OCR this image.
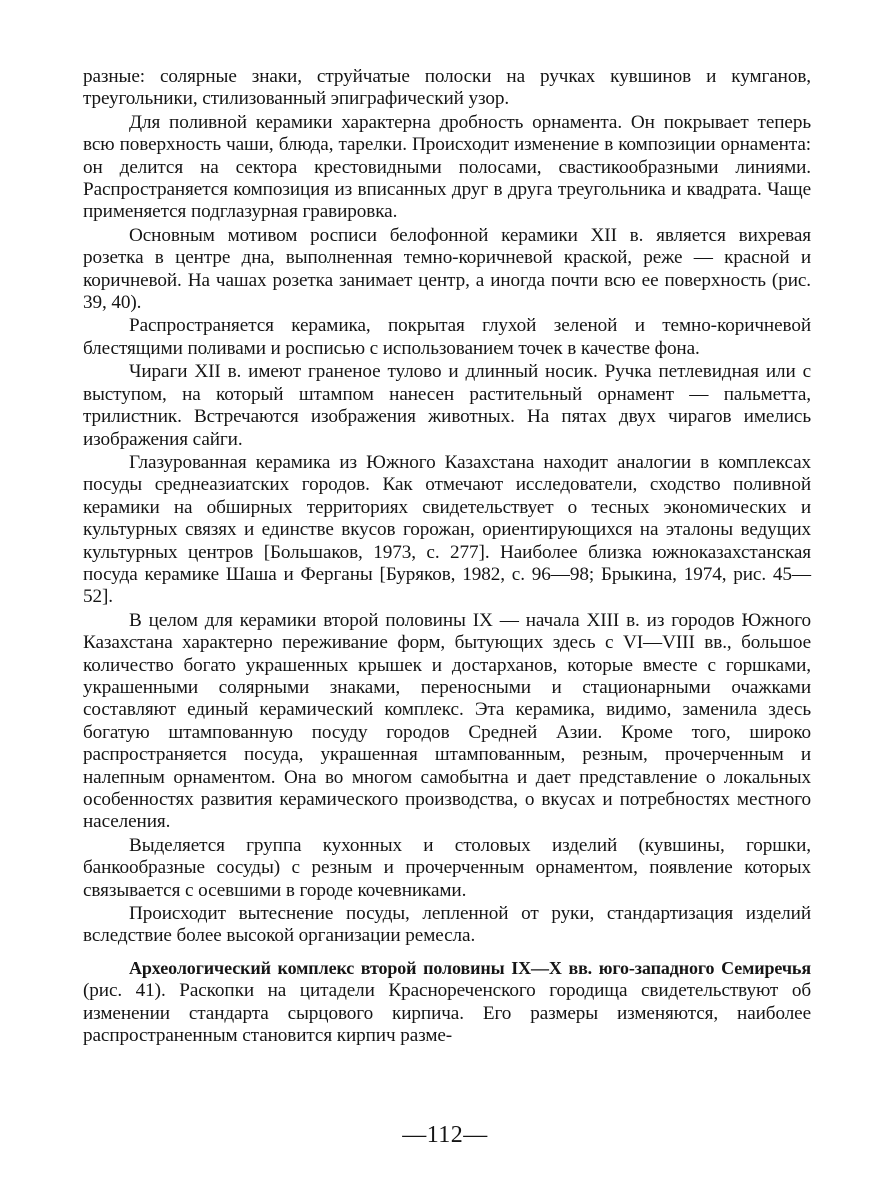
разные: солярные знаки, струйчатые полоски на ручках кувшинов и кумганов, треугольники, стилизованный эпиграфический узор.

Для поливной керамики характерна дробность орнамента. Он покрывает теперь всю поверхность чаши, блюда, тарелки. Происходит изменение в композиции орнамента: он делится на сектора крестовидными полосами, свастикообразными линиями. Распространяется композиция из вписанных друг в друга треугольника и квадрата. Чаще применяется подглазурная гравировка.

Основным мотивом росписи белофонной керамики XII в. является вихревая розетка в центре дна, выполненная темно-коричневой краской, реже — красной и коричневой. На чашах розетка занимает центр, а иногда почти всю ее поверхность (рис. 39, 40).

Распространяется керамика, покрытая глухой зеленой и темно-коричневой блестящими поливами и росписью с использованием точек в качестве фона.

Чираги XII в. имеют граненое тулово и длинный носик. Ручка петлевидная или с выступом, на который штампом нанесен растительный орнамент — пальметта, трилистник. Встречаются изображения животных. На пятах двух чирагов имелись изображения сайги.

Глазурованная керамика из Южного Казахстана находит аналогии в комплексах посуды среднеазиатских городов. Как отмечают исследователи, сходство поливной керамики на обширных территориях свидетельствует о тесных экономических и культурных связях и единстве вкусов горожан, ориентирующихся на эталоны ведущих культурных центров [Большаков, 1973, с. 277]. Наиболее близка южноказахстанская посуда керамике Шаша и Ферганы [Буряков, 1982, с. 96—98; Брыкина, 1974, рис. 45—52].

В целом для керамики второй половины IX — начала XIII в. из городов Южного Казахстана характерно переживание форм, бытующих здесь с VI—VIII вв., большое количество богато украшенных крышек и достарханов, которые вместе с горшками, украшенными солярными знаками, переносными и стационарными очажками составляют единый керамический комплекс. Эта керамика, видимо, заменила здесь богатую штампованную посуду городов Средней Азии. Кроме того, широко распространяется посуда, украшенная штампованным, резным, прочерченным и налепным орнаментом. Она во многом самобытна и дает представление о локальных особенностях развития керамического производства, о вкусах и потребностях местного населения.

Выделяется группа кухонных и столовых изделий (кувшины, горшки, банкообразные сосуды) с резным и прочерченным орнаментом, появление которых связывается с осевшими в городе кочевниками.

Происходит вытеснение посуды, лепленной от руки, стандартизация изделий вследствие более высокой организации ремесла.

Археологический комплекс второй половины IX—X вв. юго-западного Семиречья (рис. 41). Раскопки на цитадели Краснореченского городища свидетельствуют об изменении стандарта сырцового кирпича. Его размеры изменяются, наиболее распространенным становится кирпич разме-

—112—
